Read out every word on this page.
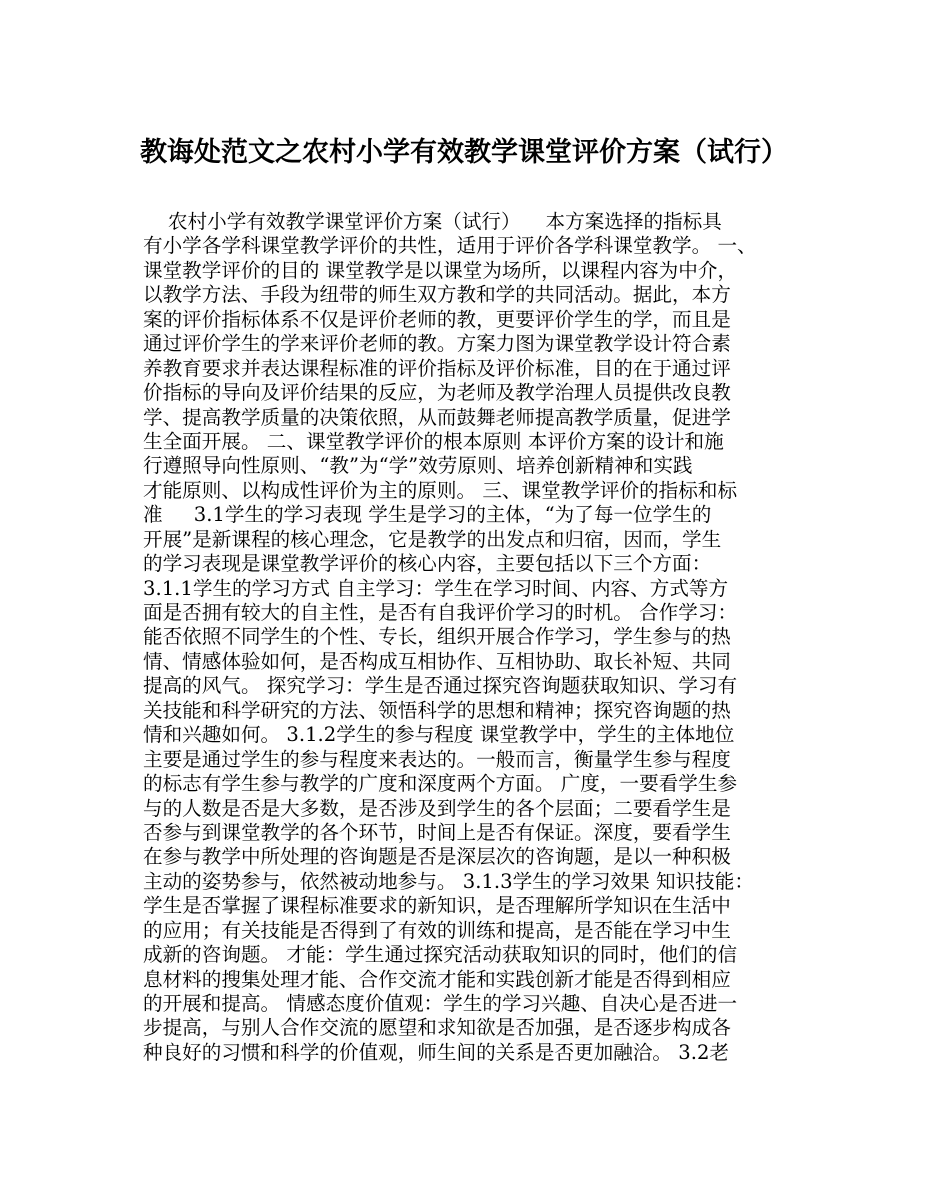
教诲处范文之农村小学有效教学课堂评价方案（试行）
农村小学有效教学课堂评价方案（试行）    本方案选择的指标具
有小学各学科课堂教学评价的共性，适用于评价各学科课堂教学。 一、
课堂教学评价的目的 课堂教学是以课堂为场所，以课程内容为中介，
以教学方法、手段为纽带的师生双方教和学的共同活动。据此，本方
案的评价指标体系不仅是评价老师的教，更要评价学生的学，而且是
通过评价学生的学来评价老师的教。方案力图为课堂教学设计符合素
养教育要求并表达课程标准的评价指标及评价标准，目的在于通过评
价指标的导向及评价结果的反应，为老师及教学治理人员提供改良教
学、提高教学质量的决策依照，从而鼓舞老师提高教学质量，促进学
生全面开展。 二、课堂教学评价的根本原则 本评价方案的设计和施
行遵照导向性原则、“教”为“学”效劳原则、培养创新精神和实践
才能原则、以构成性评价为主的原则。 三、课堂教学评价的指标和标
准     3.1学生的学习表现 学生是学习的主体，“为了每一位学生的
开展”是新课程的核心理念，它是教学的出发点和归宿，因而，学生
的学习表现是课堂教学评价的核心内容，主要包括以下三个方面：
3.1.1学生的学习方式 自主学习：学生在学习时间、内容、方式等方
面是否拥有较大的自主性，是否有自我评价学习的时机。 合作学习：
能否依照不同学生的个性、专长，组织开展合作学习，学生参与的热
情、情感体验如何，是否构成互相协作、互相协助、取长补短、共同
提高的风气。 探究学习：学生是否通过探究咨询题获取知识、学习有
关技能和科学研究的方法、领悟科学的思想和精神；探究咨询题的热
情和兴趣如何。 3.1.2学生的参与程度 课堂教学中，学生的主体地位
主要是通过学生的参与程度来表达的。一般而言，衡量学生参与程度
的标志有学生参与教学的广度和深度两个方面。 广度，一要看学生参
与的人数是否是大多数，是否涉及到学生的各个层面；二要看学生是
否参与到课堂教学的各个环节，时间上是否有保证。深度，要看学生
在参与教学中所处理的咨询题是否是深层次的咨询题，是以一种积极
主动的姿势参与，依然被动地参与。 3.1.3学生的学习效果 知识技能：
学生是否掌握了课程标准要求的新知识，是否理解所学知识在生活中
的应用；有关技能是否得到了有效的训练和提高，是否能在学习中生
成新的咨询题。 才能：学生通过探究活动获取知识的同时，他们的信
息材料的搜集处理才能、合作交流才能和实践创新才能是否得到相应
的开展和提高。 情感态度价值观：学生的学习兴趣、自决心是否进一
步提高，与别人合作交流的愿望和求知欲是否加强，是否逐步构成各
种良好的习惯和科学的价值观，师生间的关系是否更加融洽。 3.2老
